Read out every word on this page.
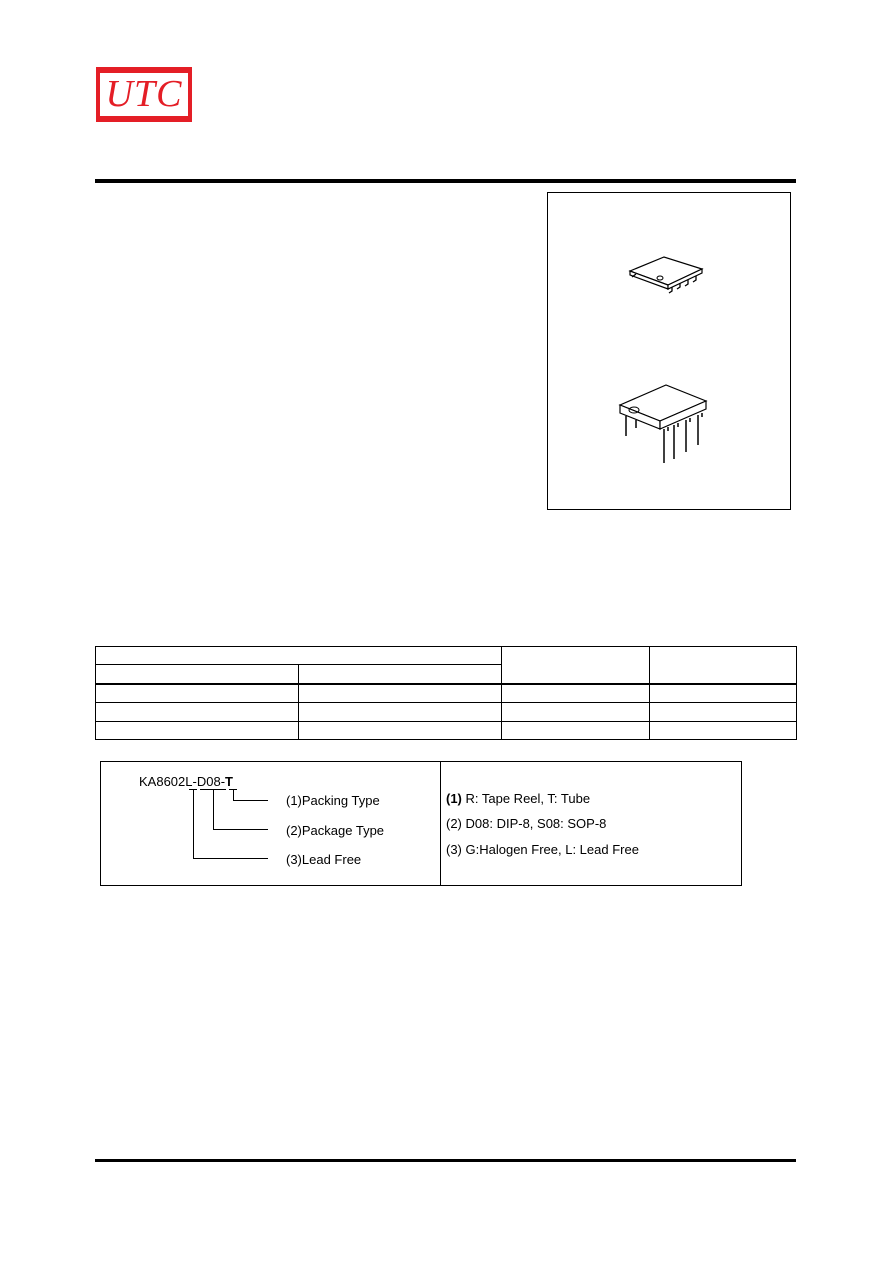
UTC

KA8602L-D08-T
(1)Packing Type
(2)Package Type
(3)Lead Free
(1) R: Tape Reel, T: Tube
(2) D08: DIP-8, S08: SOP-8
(3) G:Halogen Free, L: Lead Free
